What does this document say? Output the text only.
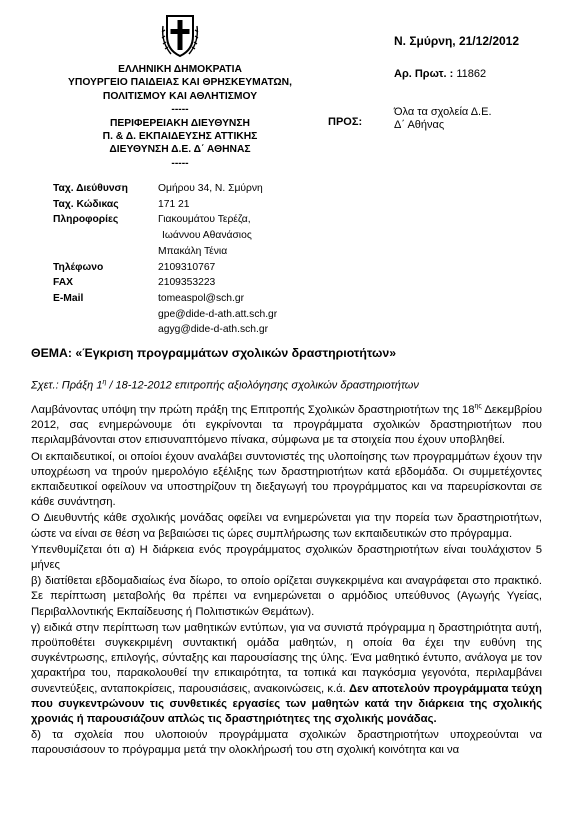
ΕΛΛΗΝΙΚΗ ΔΗΜΟΚΡΑΤΙΑ
ΥΠΟΥΡΓΕΙΟ ΠΑΙΔΕΙΑΣ ΚΑΙ ΘΡΗΣΚΕΥΜΑΤΩΝ,
ΠΟΛΙΤΙΣΜΟΥ ΚΑΙ ΑΘΛΗΤΙΣΜΟΥ
-----
ΠΕΡΙΦΕΡΕΙΑΚΗ ΔΙΕΥΘΥΝΣΗ
Π. & Δ. ΕΚΠΑΙΔΕΥΣΗΣ ΑΤΤΙΚΗΣ
ΔΙΕΥΘΥΝΣΗ Δ.Ε. Δ΄ ΑΘΗΝΑΣ
-----
Ν. Σμύρνη, 21/12/2012
Αρ. Πρωτ. : 11862
ΠΡΟΣ:
Όλα τα σχολεία Δ.Ε.
Δ΄ Αθήνας
Ταχ. Διεύθυνση	Ομήρου 34, Ν. Σμύρνη
Ταχ. Κώδικας	171 21
Πληροφορίες	Γιακουμάτου Τερέζα,
Ιωάννου Αθανάσιος
Μπακάλη Τένια
Τηλέφωνο	2109310767
FAX	2109353223
E-Mail	tomeaspol@sch.gr
gpe@dide-d-ath.att.sch.gr
agyg@dide-d-ath.sch.gr
ΘΕΜΑ: «Έγκριση προγραμμάτων σχολικών δραστηριοτήτων»
Σχετ.: Πράξη $1^\eta / 18-12-2012$ επιτροπής αξιολόγησης σχολικών δραστηριοτήτων

Λαμβάνοντας υπόψη την πρώτη πράξη της Επιτροπής Σχολικών δραστηριοτήτων της $18^{\eta\varsigma}$ Δεκεμβρίου 2012, σας ενημερώνουμε ότι εγκρίνονται τα προγράμματα σχολικών δραστηριοτήτων που περιλαμβάνονται στον επισυναπτόμενο πίνακα, σύμφωνα με τα στοιχεία που έχουν υποβληθεί.

Οι εκπαιδευτικοί, οι οποίοι έχουν αναλάβει συντονιστές της υλοποίησης των προγραμμάτων έχουν την υποχρέωση να τηρούν ημερολόγιο εξέλιξης των δραστηριοτήτων κατά εβδομάδα. Οι συμμετέχοντες εκπαιδευτικοί οφείλουν να υποστηρίζουν τη διεξαγωγή του προγράμματος και να παρευρίσκονται σε κάθε συνάντηση.

Ο Διευθυντής κάθε σχολικής μονάδας οφείλει να ενημερώνεται για την πορεία των δραστηριοτήτων, ώστε να είναι σε θέση να βεβαιώσει τις ώρες συμπλήρωσης των εκπαιδευτικών στο πρόγραμμα.

Υπενθυμίζεται ότι α) Η διάρκεια ενός προγράμματος σχολικών δραστηριοτήτων είναι τουλάχιστον 5 μήνες

β) διατίθεται εβδομαδιαίως ένα δίωρο, το οποίο ορίζεται συγκεκριμένα και αναγράφεται στο πρακτικό. Σε περίπτωση μεταβολής θα πρέπει να ενημερώνεται ο αρμόδιος υπεύθυνος (Αγωγής Υγείας, Περιβαλλοντικής Εκπαίδευσης ή Πολιτιστικών Θεμάτων).

γ) ειδικά στην περίπτωση των μαθητικών εντύπων, για να συνιστά πρόγραμμα η δραστηριότητα αυτή, προϋποθέτει συγκεκριμένη συντακτική ομάδα μαθητών, η οποία θα έχει την ευθύνη της συγκέντρωσης, επιλογής, σύνταξης και παρουσίασης της ύλης. Ένα μαθητικό έντυπο, ανάλογα με τον χαρακτήρα του, παρακολουθεί την επικαιρότητα, τα τοπικά και παγκόσμια γεγονότα, περιλαμβάνει συνεντεύξεις, ανταποκρίσεις, παρουσιάσεις, ανακοινώσεις, κ.ά. Δεν αποτελούν προγράμματα τεύχη που συγκεντρώνουν τις συνθετικές εργασίες των μαθητών κατά την διάρκεια της σχολικής χρονιάς ή παρουσιάζουν απλώς τις δραστηριότητες της σχολικής μονάδας.

δ) τα σχολεία που υλοποιούν προγράμματα σχολικών δραστηριοτήτων υποχρεούνται να παρουσιάσουν το πρόγραμμα μετά την ολοκλήρωσή του στη σχολική κοινότητα και να
